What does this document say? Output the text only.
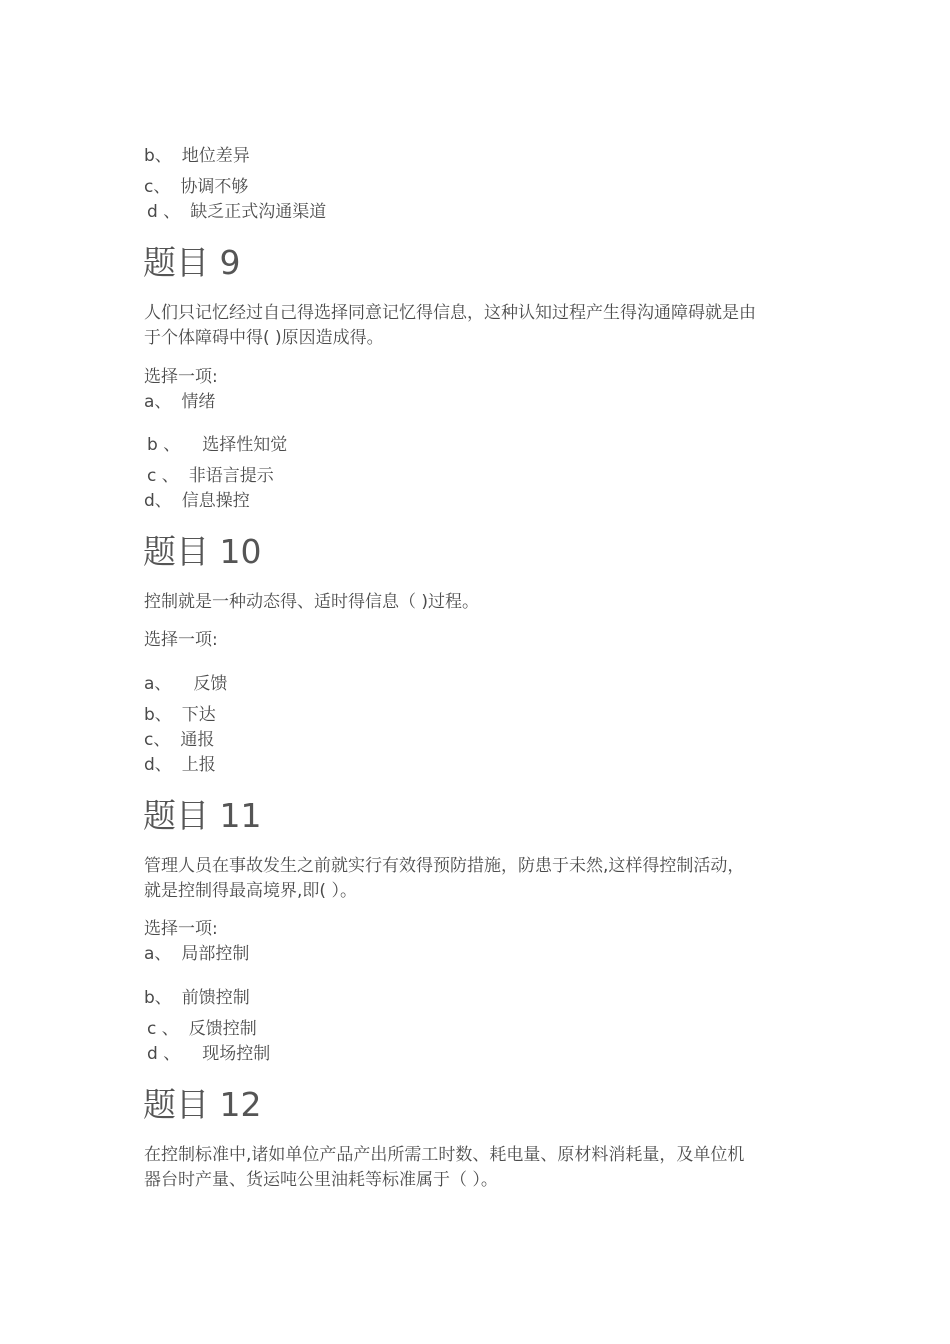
b、 地位差异
c、 协调不够
d 、 缺乏正式沟通渠道
题目 9
人们只记忆经过自己得选择同意记忆得信息，这种认知过程产生得沟通障碍就是由
于个体障碍中得( )原因造成得。
选择一项:
a、 情绪
b 、 选择性知觉
c 、 非语言提示
d、 信息操控
题目 10
控制就是一种动态得、适时得信息（ )过程。
选择一项:
a、 反馈
b、 下达
c、 通报
d、 上报
题目 11
管理人员在事故发生之前就实行有效得预防措施，防患于未然,这样得控制活动，
就是控制得最高境界,即( ）。
选择一项:
a、 局部控制
b、 前馈控制
c 、 反馈控制
d 、 现场控制
题目 12
在控制标准中,诸如单位产品产出所需工时数、耗电量、原材料消耗量，及单位机
器台时产量、货运吨公里油耗等标准属于（ ）。
